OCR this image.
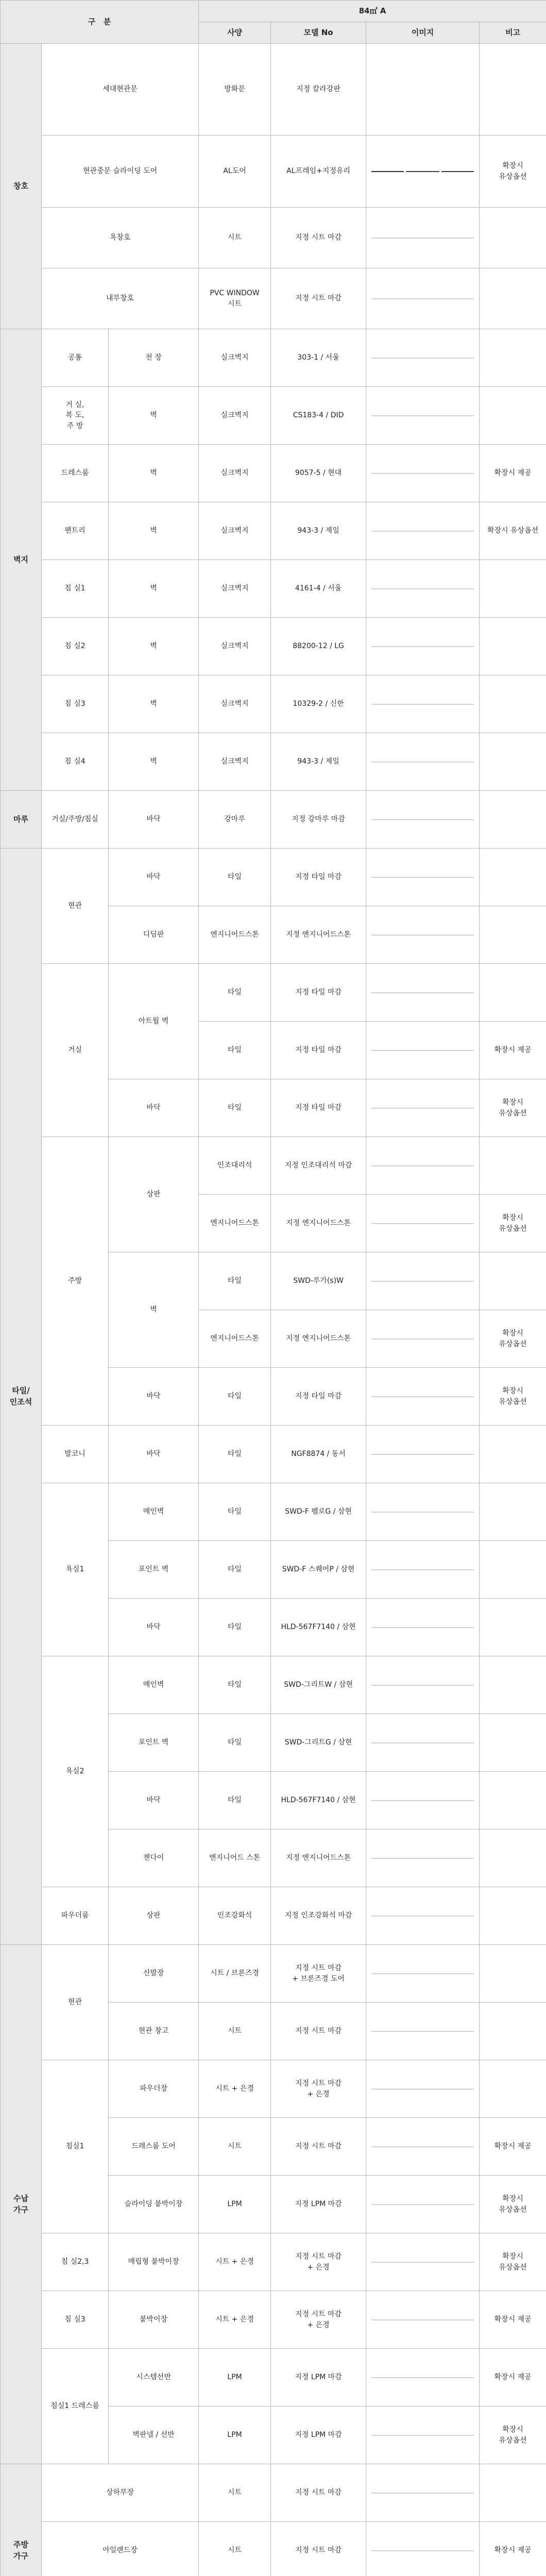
구   분				84㎡ A			
				사양	모델 No	이미지	비고
창호	세대현관문			방화문	지정 칼라강판	

	현관중문 슬라이딩 도어			AL도어	AL프레임+지정유리		확장시
유상옵션
	욕창호			시트	지정 시트 마감	

	내부창호			PVC WINDOW
시트	지정 시트 마감	

벽지	공통	천 장		실크벽지	303-1 / 서울	

	거 실,
복 도,
주 방	벽		실크벽지	CS183-4 / DID	

	드레스룸	벽		실크벽지	9057-5 / 현대		확장시 제공
	팬트리	벽		실크벽지	943-3 / 제일		확장시 유상옵션
	침 실1	벽		실크벽지	4161-4 / 서울	

	침 실2	벽		실크벽지	88200-12 / LG	

	침 실3	벽		실크벽지	10329-2 / 신한	

	침 실4	벽		실크벽지	943-3 / 제일	

마루	거실/주방/침실	바닥		강마루	지정 강마루 마감	

타일/
인조석	현관	바닥		타일	지정 타일 마감	

		디딤판		엔지니어드스톤	지정 엔지니어드스톤	

	거실	아트월 벽		타일	지정 타일 마감	

				타일	지정 타일 마감		확장시 제공
		바닥		타일	지정 타일 마감		확장시
유상옵션
	주방	상판		인조대리석	지정 인조대리석 마감	

				엔지니어드스톤	지정 엔지니어드스톤		확장시
유상옵션
		벽		타일	SWD-루가(s)W	

				엔지니어드스톤	지정 엔지니어드스톤		확장시
유상옵션
		바닥		타일	지정 타일 마감		확장시
유상옵션
	발코니	바닥		타일	NGF8874 / 동서	

	욕실1	메인벽		타일	SWD-F 펠로G / 삼현	

		포인트 벽		타일	SWD-F 스퀘어P / 삼현	

		바닥		타일	HLD-567F7140 / 삼현	

	욕실2	메인벽		타일	SWD-그리트W / 삼현	

		포인트 벽		타일	SWD-그리트G / 삼현	

		바닥		타일	HLD-567F7140 / 삼현	

		젠다이		엔지니어드 스톤	지정 엔지니어드스톤	

	파우더룸	상판		인조강화석	지정 인조강화석 마감	

수납
가구	현관	신발장		시트 / 브론즈경	지정 시트 마감
+ 브론즈경 도어	

		현관 창고		시트	지정 시트 마감	

	침실1	파우더장		시트 + 은경	지정 시트 마감
+ 은경	

		드레스룸 도어		시트	지정 시트 마감		확장시 제공
		슬라이딩 붙박이장		LPM	지정 LPM 마감		확장시
유상옵션
	침 실2,3	매립형 붙박이장		시트 + 은경	지정 시트 마감
+ 은경		확장시
유상옵션
	침 실3	붙박이장		시트 + 은경	지정 시트 마감
+ 은경		확장시 제공
	침실1 드레스룸	시스템선반		LPM	지정 LPM 마감		확장시 제공
		벽판넬 / 선반		LPM	지정 LPM 마감		확장시
유상옵션
주방
가구	상하부장			시트	지정 시트 마감	

	아일랜드장			시트	지정 시트 마감		확장시 제공
